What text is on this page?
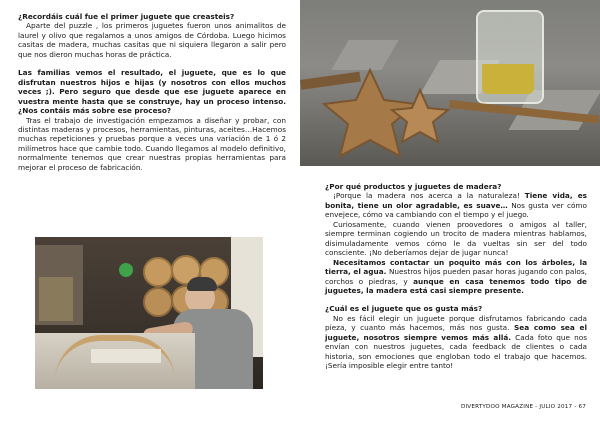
¿Recordáis cuál fue el primer juguete que creasteis?

Aparte del puzzle , los primeros juguetes fueron unos animalitos de laurel y olivo que regalamos a unos amigos de Córdoba. Luego hicimos casitas de madera, muchas casitas que ni siquiera llegaron a salir pero que nos dieron muchas horas de práctica.

Las familias vemos el resultado, el juguete, que es lo que disfrutan nuestros hijos e hijas (y nosotros con ellos muchos veces ;). Pero seguro que desde que ese juguete aparece en vuestra mente hasta que se construye, hay un proceso intenso. ¿Nos contáis más sobre ese proceso?

Tras el trabajo de investigación empezamos a diseñar y probar, con distintas maderas y procesos, herramientas, pinturas, aceites…Hacemos muchas repeticiones y pruebas porque a veces una variación de 1 ó 2 milímetros hace que cambie todo. Cuando llegamos al modelo definitivo, normalmente tenemos que crear nuestras propias herramientas para mejorar el proceso de fabricación.

¿Por qué productos y juguetes de madera?

¡Porque la madera nos acerca a la naturaleza! Tiene vida, es bonita, tiene un olor agradable, es suave… Nos gusta ver cómo envejece, cómo va cambiando con el tiempo y el juego.

Curiosamente, cuando vienen proovedores o amigos al taller, siempre terminan cogiendo un trocito de madera mientras hablamos, disimuladamente vemos cómo le da vueltas sin ser del todo consciente. ¡No deberíamos dejar de jugar nunca!

Necesitamos contactar un poquito más con los árboles, la tierra, el agua. Nuestros hijos pueden pasar horas jugando con palos, corchos o piedras, y aunque en casa tenemos todo tipo de juguetes, la madera está casi siempre presente.

¿Cuál es el juguete que os gusta más?

No es fácil elegir un juguete porque disfrutamos fabricando cada pieza, y cuanto más hacemos, más nos gusta. Sea como sea el juguete, nosotros siempre vemos más allá. Cada foto que nos envían con nuestros juguetes, cada feedback de clientes o cada historia, son emociones que engloban todo el trabajo que hacemos. ¡Sería imposible elegir entre tanto!

DIVERTYDOO MAGAZINE - JULIO 2017 - 67
